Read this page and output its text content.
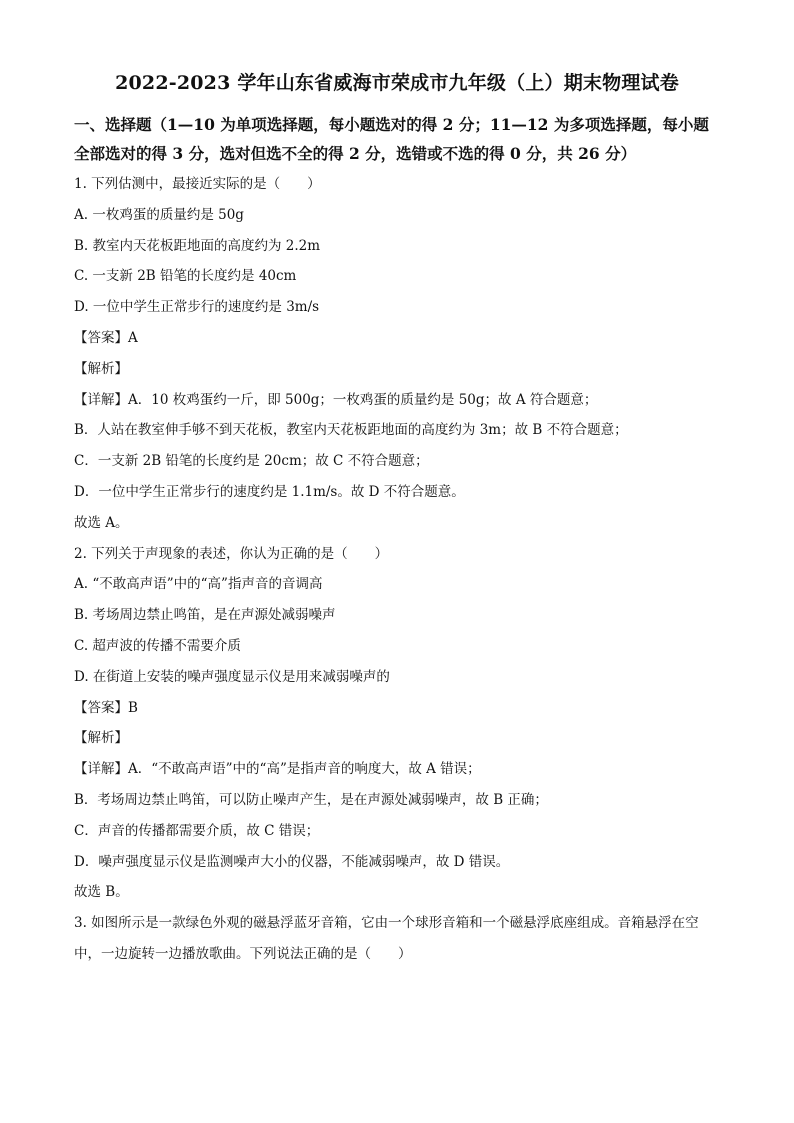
2022-2023 学年山东省威海市荣成市九年级（上）期末物理试卷
一、选择题（1—10 为单项选择题，每小题选对的得 2 分；11—12 为多项选择题，每小题全部选对的得 3 分，选对但选不全的得 2 分，选错或不选的得 0 分，共 26 分）
1. 下列估测中，最接近实际的是（　　）
A. 一枚鸡蛋的质量约是 50g
B. 教室内天花板距地面的高度约为 2.2m
C. 一支新 2B 铅笔的长度约是 40cm
D. 一位中学生正常步行的速度约是 3m/s
【答案】A
【解析】
【详解】A．10 枚鸡蛋约一斤，即 500g；一枚鸡蛋的质量约是 50g；故 A 符合题意；
B．人站在教室伸手够不到天花板，教室内天花板距地面的高度约为 3m；故 B 不符合题意；
C．一支新 2B 铅笔的长度约是 20cm；故 C 不符合题意；
D．一位中学生正常步行的速度约是 1.1m/s。故 D 不符合题意。
故选 A。
2. 下列关于声现象的表述，你认为正确的是（　　）
A. “不敢高声语”中的“高”指声音的音调高
B. 考场周边禁止鸣笛，是在声源处减弱噪声
C. 超声波的传播不需要介质
D. 在街道上安装的噪声强度显示仪是用来减弱噪声的
【答案】B
【解析】
【详解】A．“不敢高声语”中的“高”是指声音的响度大，故 A 错误；
B．考场周边禁止鸣笛，可以防止噪声产生，是在声源处减弱噪声，故 B 正确；
C．声音的传播都需要介质，故 C 错误；
D．噪声强度显示仪是监测噪声大小的仪器，不能减弱噪声，故 D 错误。
故选 B。
3. 如图所示是一款绿色外观的磁悬浮蓝牙音箱，它由一个球形音箱和一个磁悬浮底座组成。音箱悬浮在空中，一边旋转一边播放歌曲。下列说法正确的是（　　）
